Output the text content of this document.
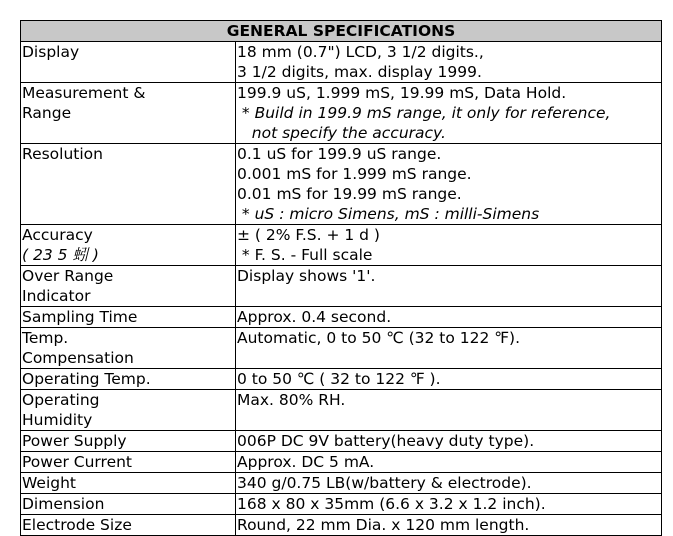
GENERAL SPECIFICATIONS	

Display	18 mm (0.7") LCD, 3 1/2 digits.,
3 1/2 digits, max. display 1999.

Measurement &
Range	199.9 uS, 1.999 mS, 19.99 mS, Data Hold.
* Build in 199.9 mS range, it only for reference,
not specify the accuracy.

Resolution	0.1 uS for 199.9 uS range.
0.001 mS for 1.999 mS range.
0.01 mS for 19.99 mS range.
* uS : micro Simens, mS : milli-Simens

Accuracy
( 23 5 蚓 )	± ( 2% F.S. + 1 d )
* F. S. - Full scale

Over Range
Indicator	Display shows '1'.

Sampling Time	Approx. 0.4 second.

Temp.
Compensation	Automatic, 0 to 50 ℃ (32 to 122 ℉).

Operating Temp.	0 to 50 ℃ ( 32 to 122 ℉ ).

Operating
Humidity	Max. 80% RH.

Power Supply	006P DC 9V battery(heavy duty type).

Power Current	Approx. DC 5 mA.

Weight	340 g/0.75 LB(w/battery & electrode).

Dimension	168 x 80 x 35mm (6.6 x 3.2 x 1.2 inch).

Electrode Size	Round, 22 mm Dia. x 120 mm length.
